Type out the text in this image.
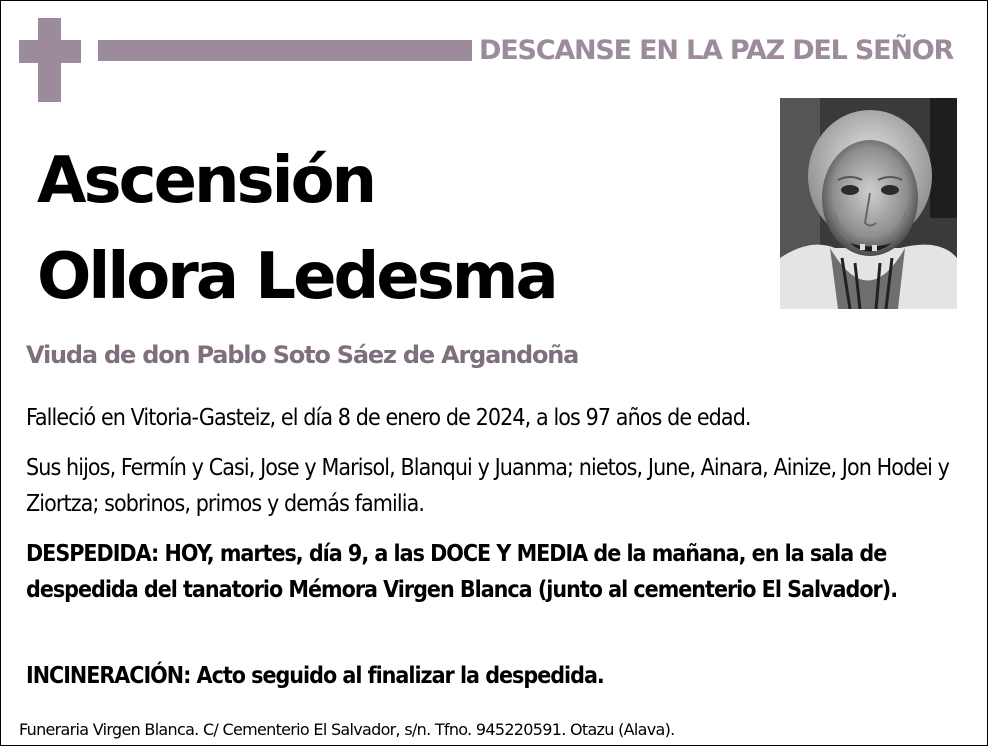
DESCANSE EN LA PAZ DEL SEÑOR
Ascensión
Ollora Ledesma
Viuda de don Pablo Soto Sáez de Argandoña
Falleció en Vitoria-Gasteiz, el día 8 de enero de 2024, a los 97 años de edad.
Sus hijos, Fermín y Casi, Jose y Marisol, Blanqui y Juanma; nietos, June, Ainara, Ainize, Jon Hodei y Ziortza; sobrinos, primos y demás familia.
DESPEDIDA: HOY, martes, día 9, a las DOCE Y MEDIA de la mañana, en la sala de despedida del tanatorio Mémora Virgen Blanca (junto al cementerio El Salvador).
INCINERACIÓN: Acto seguido al finalizar la despedida.
Funeraria Virgen Blanca. C/ Cementerio El Salvador, s/n. Tfno. 945220591. Otazu (Alava).
